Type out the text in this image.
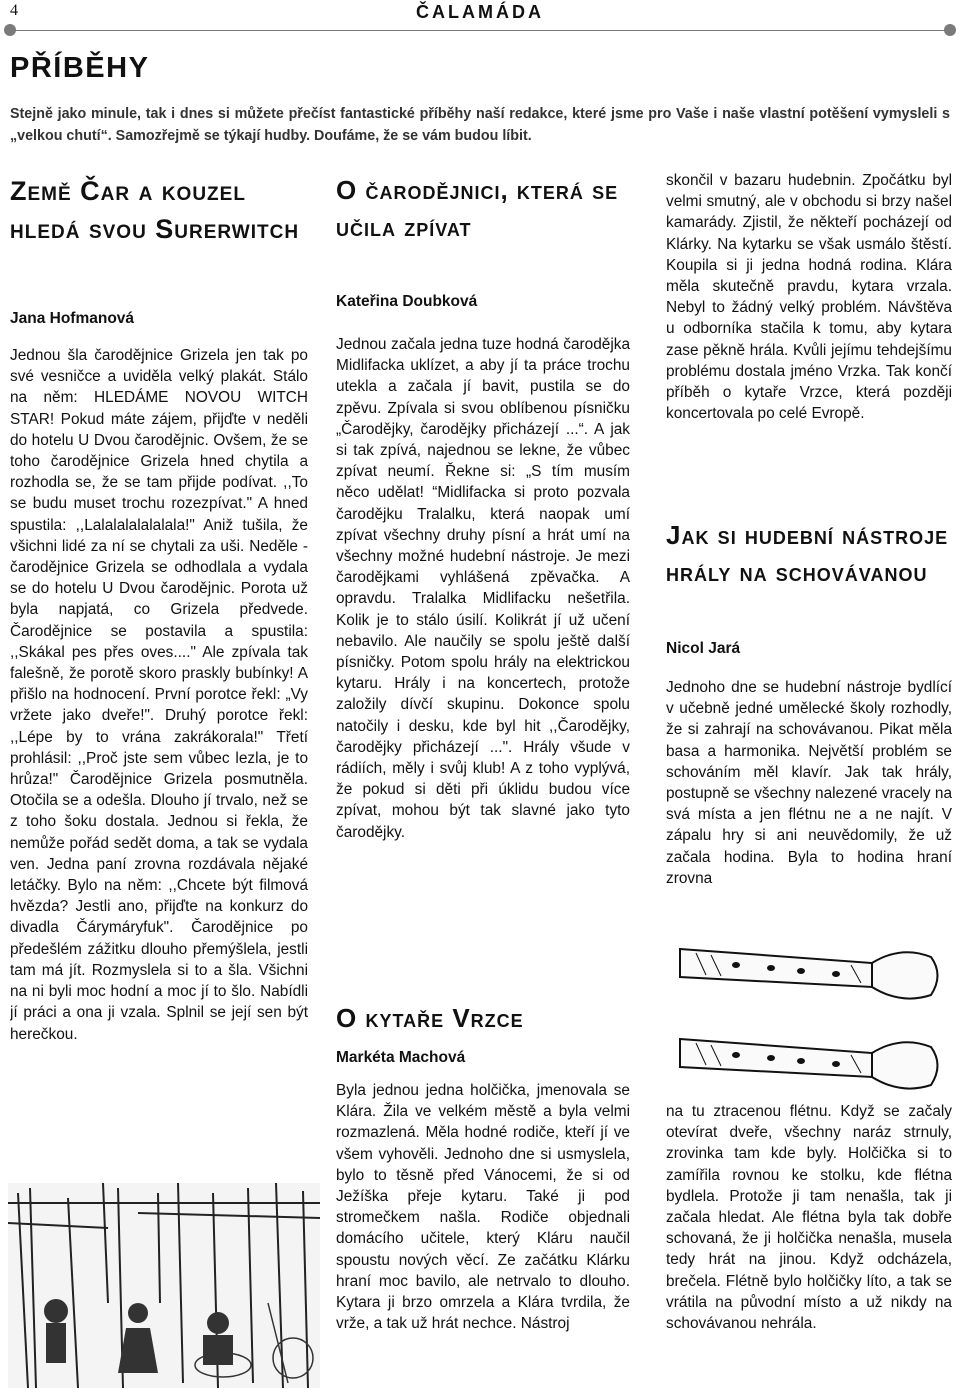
4	ČALAMÁDA
PŘÍBĚHY

Stejně jako minule, tak i dnes si můžete přečíst fantastické příběhy naší redakce, které jsme pro Vaše i naše vlastní potěšení vymysleli s „velkou chutí“. Samozřejmě se týkají hudby. Doufáme, že se vám budou líbit.

Země Čar a kouzel hledá svou Surerwitch

Jana Hofmanová

Jednou šla čarodějnice Grizela jen tak po své vesničce a uviděla velký plakát. Stálo na něm: HLEDÁME NOVOU WITCH STAR! Pokud máte zájem, přijďte v neděli do hotelu U Dvou čarodějnic. Ovšem, že se toho čarodějnice Grizela hned chytila a rozhodla se, že se tam přijde podívat. ,,To se budu muset trochu rozezpívat." A hned spustila: ,,Lalalalalalalala!" Aniž tušila, že všichni lidé za ní se chytali za uši. Neděle - čarodějnice Grizela se odhodlala a vydala se do hotelu U Dvou čarodějnic. Porota už byla napjatá, co Grizela předvede. Čarodějnice se postavila a spustila: ,,Skákal pes přes oves...." Ale zpívala tak falešně, že porotě skoro praskly bubínky! A přišlo na hodnocení. První porotce řekl: „Vy vržete jako dveře!". Druhý porotce řekl: ,,Lépe by to vrána zakrákorala!" Třetí prohlásil: ,,Proč jste sem vůbec lezla, je to hrůza!" Čarodějnice Grizela posmutněla. Otočila se a odešla. Dlouho jí trvalo, než se z toho šoku dostala. Jednou si řekla, že nemůže pořád sedět doma, a tak se vydala ven. Jedna paní zrovna rozdávala nějaké letáčky. Bylo na něm: ,,Chcete být filmová hvězda? Jestli ano, přijďte na konkurz do divadla Čárymáryfuk". Čarodějnice po předešlém zážitku dlouho přemýšlela, jestli tam má jít. Rozmyslela si to a šla. Všichni na ni byli moc hodní a moc jí to šlo. Nabídli jí práci a ona ji vzala. Splnil se její sen být herečkou.

O čarodějnici, která se učila zpívat

Kateřina Doubková

Jednou začala jedna tuze hodná čarodějka Midlifacka uklízet, a aby jí ta práce trochu utekla a začala jí bavit, pustila se do zpěvu. Zpívala si svou oblíbenou písničku „Čarodějky, čarodějky přicházejí ...“. A jak si tak zpívá, najednou se lekne, že vůbec zpívat neumí. Řekne si: „S tím musím něco udělat! “Midlifacka si proto pozvala čarodějku Tralalku, která naopak umí zpívat všechny druhy písní a hrát umí na všechny možné hudební nástroje. Je mezi čarodějkami vyhlášená zpěvačka. A opravdu. Tralalka Midlifacku nešetřila. Kolik je to stálo úsilí. Kolikrát jí už učení nebavilo. Ale naučily se spolu ještě další písničky. Potom spolu hrály na elektrickou kytaru. Hrály i na koncertech, protože založily dívčí skupinu. Dokonce spolu natočily i desku, kde byl hit ,,Čarodějky, čarodějky přicházejí ...". Hrály všude v rádiích, měly i svůj klub! A z toho vyplývá, že pokud si děti při úklidu budou více zpívat, mohou být tak slavné jako tyto čarodějky.

O kytaře Vrzce

Markéta Machová

Byla jednou jedna holčička, jmenovala se Klára. Žila ve velkém městě a byla velmi rozmazlená. Měla hodné rodiče, kteří jí ve všem vyhověli. Jednoho dne si usmyslela, bylo to těsně před Vánocemi, že si od Ježíška přeje kytaru. Také ji pod stromečkem našla. Rodiče objednali domácího učitele, který Kláru naučil spoustu nových věcí. Ze začátku Klárku hraní moc bavilo, ale netrvalo to dlouho. Kytara ji brzo omrzela a Klára tvrdila, že vrže, a tak už hrát nechce. Nástroj

skončil v bazaru hudebnin. Zpočátku byl velmi smutný, ale v obchodu si brzy našel kamarády. Zjistil, že někteří pocházejí od Klárky. Na kytarku se však usmálo štěstí. Koupila si ji jedna hodná rodina. Klára měla skutečně pravdu, kytara vrzala. Nebyl to žádný velký problém. Návštěva u odborníka stačila k tomu, aby kytara zase pěkně hrála. Kvůli jejímu tehdejšímu problému dostala jméno Vrzka. Tak končí příběh o kytaře Vrzce, která později koncertovala po celé Evropě.

Jak si hudební nástroje hrály na schovávanou

Nicol Jará

Jednoho dne se hudební nástroje bydlící v učebně jedné umělecké školy rozhodly, že si zahrají na schovávanou. Pikat měla basa a harmonika. Největší problém se schováním měl klavír. Jak tak hrály, postupně se všechny nalezené vracely na svá místa a jen flétnu ne a ne najít. V zápalu hry si ani neuvědomily, že už začala hodina. Byla to hodina hraní zrovna

na tu ztracenou flétnu. Když se začaly otevírat dveře, všechny naráz strnuly, zrovinka tam kde byly. Holčička si to zamířila rovnou ke stolku, kde flétna bydlela. Protože ji tam nenašla, tak ji začala hledat. Ale flétna byla tak dobře schovaná, že ji holčička nenašla, musela tedy hrát na jinou. Když odcházela, brečela. Flétně bylo holčičky líto, a tak se vrátila na původní místo a už nikdy na schovávanou nehrála.
